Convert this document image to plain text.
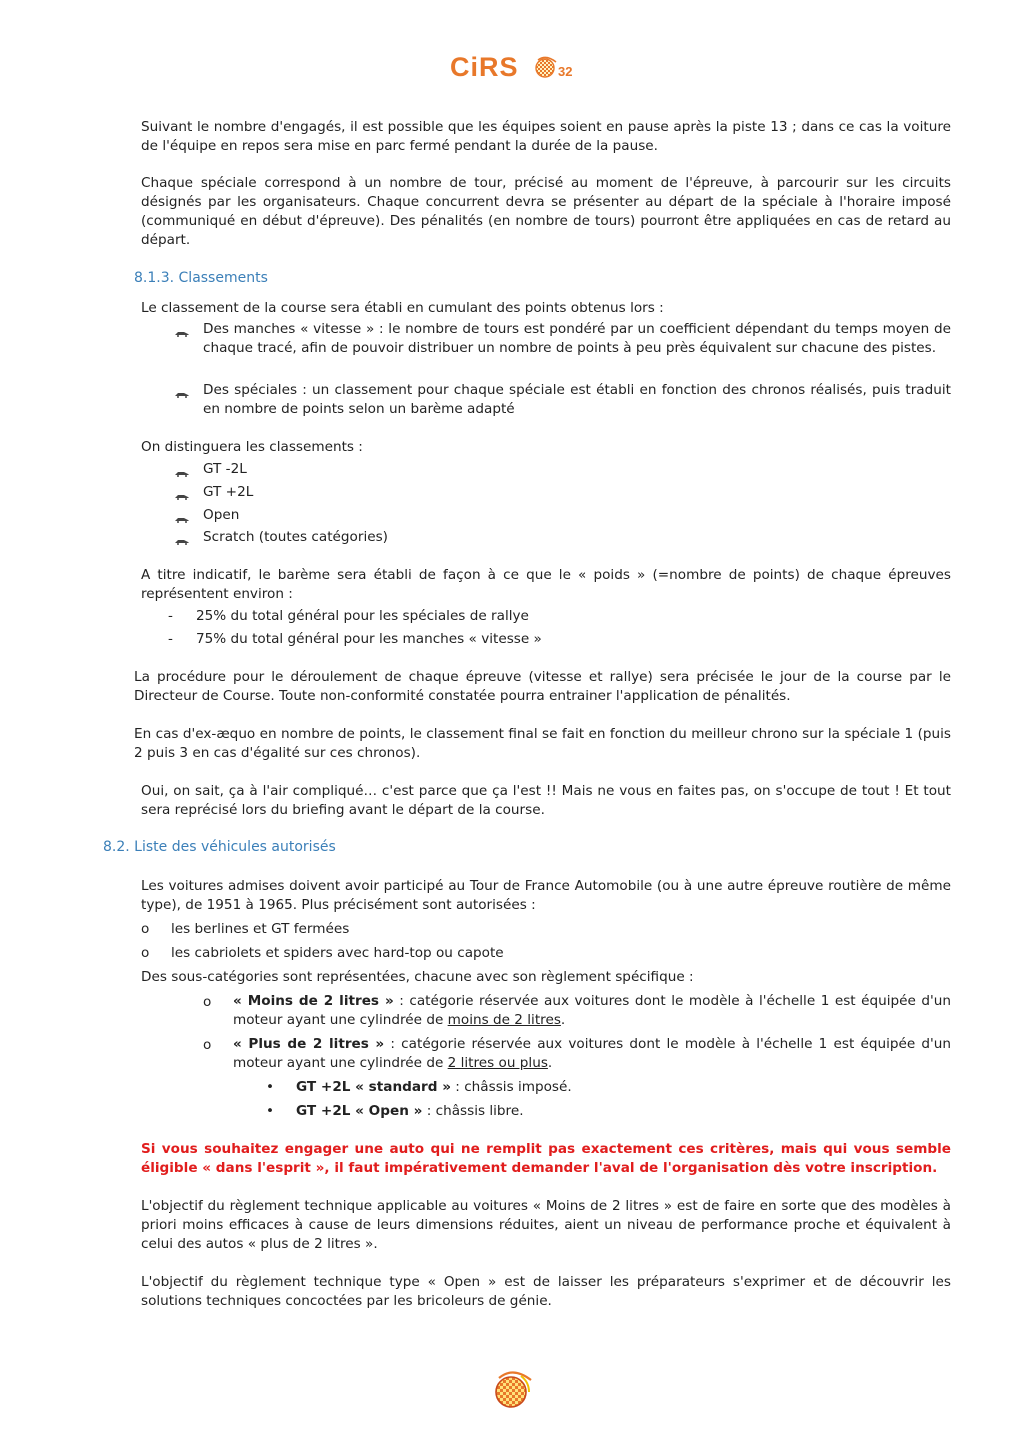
CiRS	32

Suivant le nombre d'engagés, il est possible que les équipes soient en pause après la piste 13 ; dans ce cas la voiture de l'équipe en repos sera mise en parc fermé pendant la durée de la pause.

Chaque spéciale correspond à un nombre de tour, précisé au moment de l'épreuve, à parcourir sur les circuits désignés par les organisateurs. Chaque concurrent devra se présenter au départ de la spéciale à l'horaire imposé (communiqué en début d'épreuve). Des pénalités (en nombre de tours) pourront être appliquées en cas de retard au départ.

8.1.3. Classements
Le classement de la course sera établi en cumulant des points obtenus lors :
Des manches « vitesse » : le nombre de tours est pondéré par un coefficient dépendant du temps moyen de chaque tracé, afin de pouvoir distribuer un nombre de points à peu près équivalent sur chacune des pistes.
Des spéciales : un classement pour chaque spéciale est établi en fonction des chronos réalisés, puis traduit en nombre de points selon un barème adapté
On distinguera les classements :
GT -2L
GT +2L
Open
Scratch (toutes catégories)
A titre indicatif, le barème sera établi de façon à ce que le « poids » (=nombre de points) de chaque épreuves représentent environ :
- 25% du total général pour les spéciales de rallye
- 75% du total général pour les manches « vitesse »
La procédure pour le déroulement de chaque épreuve (vitesse et rallye) sera précisée le jour de la course par le Directeur de Course. Toute non-conformité constatée pourra entrainer l'application de pénalités.
En cas d'ex-æquo en nombre de points, le classement final se fait en fonction du meilleur chrono sur la spéciale 1 (puis 2 puis 3 en cas d'égalité sur ces chronos).
Oui, on sait, ça à l'air compliqué… c'est parce que ça l'est !! Mais ne vous en faites pas, on s'occupe de tout ! Et tout sera reprécisé lors du briefing avant le départ de la course.
8.2. Liste des véhicules autorisés
Les voitures admises doivent avoir participé au Tour de France Automobile (ou à une autre épreuve routière de même type), de 1951 à 1965. Plus précisément sont autorisées :
o les berlines et GT fermées
o les cabriolets et spiders avec hard-top ou capote
Des sous-catégories sont représentées, chacune avec son règlement spécifique :
o « Moins de 2 litres » : catégorie réservée aux voitures dont le modèle à l'échelle 1 est équipée d'un moteur ayant une cylindrée de moins de 2 litres.
o « Plus de 2 litres » : catégorie réservée aux voitures dont le modèle à l'échelle 1 est équipée d'un moteur ayant une cylindrée de 2 litres ou plus.
• GT +2L « standard » : châssis imposé.
• GT +2L « Open » : châssis libre.
Si vous souhaitez engager une auto qui ne remplit pas exactement ces critères, mais qui vous semble éligible « dans l'esprit », il faut impérativement demander l'aval de l'organisation dès votre inscription.
L'objectif du règlement technique applicable au voitures « Moins de 2 litres » est de faire en sorte que des modèles à priori moins efficaces à cause de leurs dimensions réduites, aient un niveau de performance proche et équivalent à celui des autos « plus de 2 litres ».
L'objectif du règlement technique type « Open » est de laisser les préparateurs s'exprimer et de découvrir les solutions techniques concoctées par les bricoleurs de génie.
